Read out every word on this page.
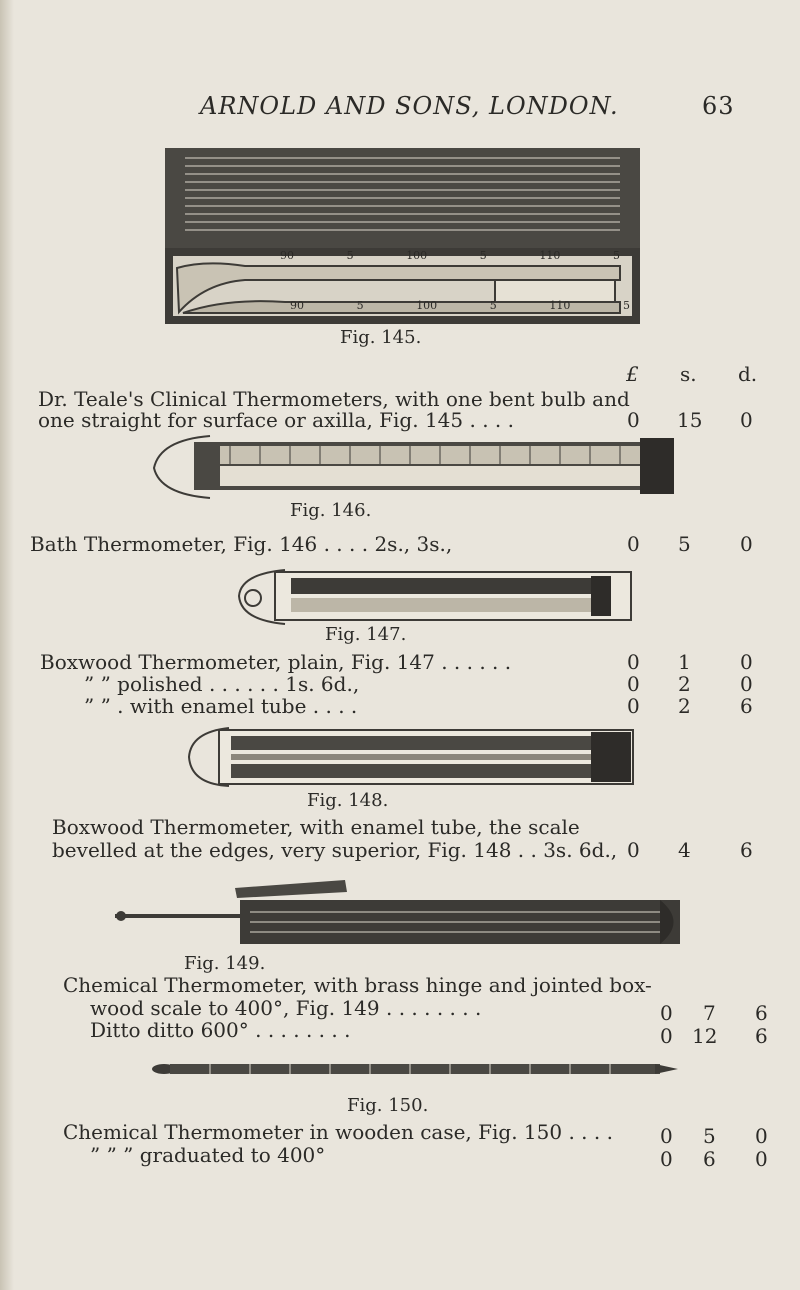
ARNOLD AND SONS, LONDON.	63
90	5	100	5	110	5
90	5	100	5	110	5
Fig. 145.
£ s. d.
Dr. Teale's Clinical Thermometers, with one bent bulb and
one straight for surface or axilla, Fig. 145 . . . .	0 15 0
Fig. 146.
Bath Thermometer, Fig. 146 . . . . 2s., 3s.,	0 5 0
Fig. 147.
Boxwood Thermometer, plain, Fig. 147 . . . . . .	0 1 0
” ” polished . . . . . . 1s. 6d.,	0 2 0
” ” . with enamel tube . . . .	0 2 6
Fig. 148.
Boxwood Thermometer, with enamel tube, the scale
bevelled at the edges, very superior, Fig. 148 . . 3s. 6d., 0 4 6
Fig. 149.
Chemical Thermometer, with brass hinge and jointed box-
wood scale to 400°, Fig. 149 . . . . . . . .	0 7 6
Ditto ditto 600° . . . . . . . .	0 12 6
Fig. 150.
Chemical Thermometer in wooden case, Fig. 150 . . . . 0 5 0
” ” ” graduated to 400°	0 6 0
